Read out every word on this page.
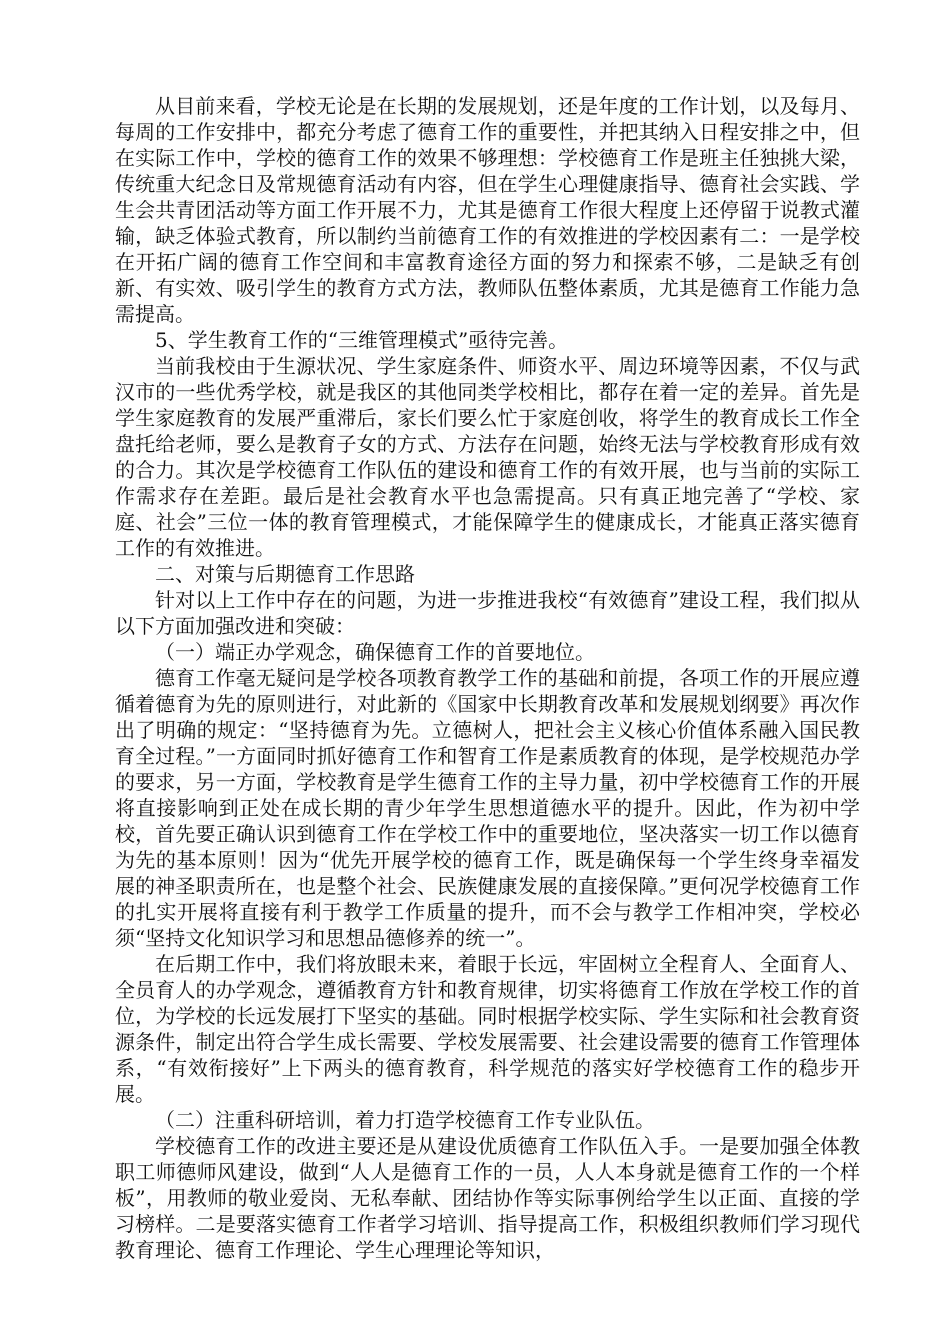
从目前来看，学校无论是在长期的发展规划，还是年度的工作计划，以及每月、每周的工作安排中，都充分考虑了德育工作的重要性，并把其纳入日程安排之中，但在实际工作中，学校的德育工作的效果不够理想：学校德育工作是班主任独挑大梁，传统重大纪念日及常规德育活动有内容，但在学生心理健康指导、德育社会实践、学生会共青团活动等方面工作开展不力，尤其是德育工作很大程度上还停留于说教式灌输，缺乏体验式教育，所以制约当前德育工作的有效推进的学校因素有二：一是学校在开拓广阔的德育工作空间和丰富教育途径方面的努力和探索不够，二是缺乏有创新、有实效、吸引学生的教育方式方法，教师队伍整体素质，尤其是德育工作能力急需提高。

5、学生教育工作的“三维管理模式”亟待完善。

当前我校由于生源状况、学生家庭条件、师资水平、周边环境等因素，不仅与武汉市的一些优秀学校，就是我区的其他同类学校相比，都存在着一定的差异。首先是学生家庭教育的发展严重滞后，家长们要么忙于家庭创收，将学生的教育成长工作全盘托给老师，要么是教育子女的方式、方法存在问题，始终无法与学校教育形成有效的合力。其次是学校德育工作队伍的建设和德育工作的有效开展，也与当前的实际工作需求存在差距。最后是社会教育水平也急需提高。只有真正地完善了“学校、家庭、社会”三位一体的教育管理模式，才能保障学生的健康成长，才能真正落实德育工作的有效推进。

二、对策与后期德育工作思路

针对以上工作中存在的问题，为进一步推进我校“有效德育”建设工程，我们拟从以下方面加强改进和突破：

（一）端正办学观念，确保德育工作的首要地位。

德育工作毫无疑问是学校各项教育教学工作的基础和前提，各项工作的开展应遵循着德育为先的原则进行，对此新的《国家中长期教育改革和发展规划纲要》再次作出了明确的规定：“坚持德育为先。立德树人，把社会主义核心价值体系融入国民教育全过程。”一方面同时抓好德育工作和智育工作是素质教育的体现，是学校规范办学的要求，另一方面，学校教育是学生德育工作的主导力量，初中学校德育工作的开展将直接影响到正处在成长期的青少年学生思想道德水平的提升。因此，作为初中学校，首先要正确认识到德育工作在学校工作中的重要地位，坚决落实一切工作以德育为先的基本原则！因为“优先开展学校的德育工作，既是确保每一个学生终身幸福发展的神圣职责所在，也是整个社会、民族健康发展的直接保障。”更何况学校德育工作的扎实开展将直接有利于教学工作质量的提升，而不会与教学工作相冲突，学校必须“坚持文化知识学习和思想品德修养的统一”。

在后期工作中，我们将放眼未来，着眼于长远，牢固树立全程育人、全面育人、全员育人的办学观念，遵循教育方针和教育规律，切实将德育工作放在学校工作的首位，为学校的长远发展打下坚实的基础。同时根据学校实际、学生实际和社会教育资源条件，制定出符合学生成长需要、学校发展需要、社会建设需要的德育工作管理体系，“有效衔接好”上下两头的德育教育，科学规范的落实好学校德育工作的稳步开展。

（二）注重科研培训，着力打造学校德育工作专业队伍。

学校德育工作的改进主要还是从建设优质德育工作队伍入手。一是要加强全体教职工师德师风建设，做到“人人是德育工作的一员，人人本身就是德育工作的一个样板”，用教师的敬业爱岗、无私奉献、团结协作等实际事例给学生以正面、直接的学习榜样。二是要落实德育工作者学习培训、指导提高工作，积极组织教师们学习现代教育理论、德育工作理论、学生心理理论等知识，
